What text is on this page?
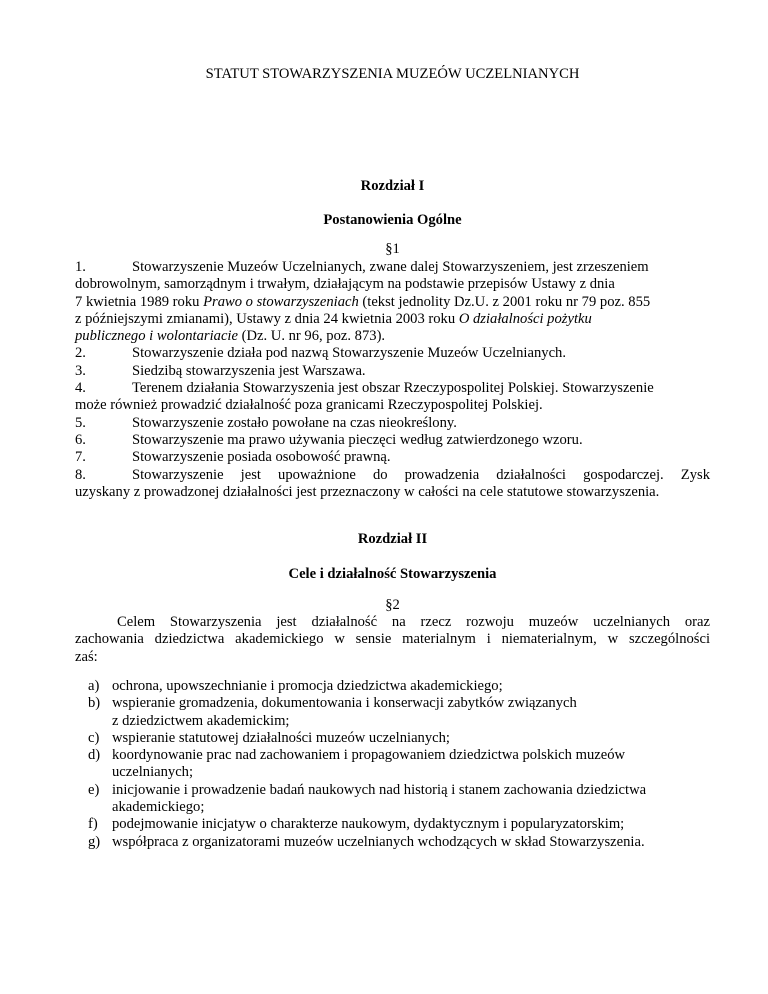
STATUT STOWARZYSZENIA MUZEÓW UCZELNIANYCH
Rozdział I
Postanowienia Ogólne
§1
1.	Stowarzyszenie Muzeów Uczelnianych, zwane dalej Stowarzyszeniem, jest zrzeszeniem
dobrowolnym, samorządnym i trwałym, działającym na podstawie przepisów Ustawy z dnia
7 kwietnia 1989 roku Prawo o stowarzyszeniach (tekst jednolity Dz.U. z 2001 roku nr 79 poz. 855
z późniejszymi zmianami), Ustawy z dnia 24 kwietnia 2003 roku O działalności pożytku
publicznego i wolontariacie (Dz. U. nr 96, poz. 873).
2.	Stowarzyszenie działa pod nazwą Stowarzyszenie Muzeów Uczelnianych.
3.	Siedzibą stowarzyszenia jest Warszawa.
4.	Terenem działania Stowarzyszenia jest obszar Rzeczypospolitej Polskiej. Stowarzyszenie
może również prowadzić działalność poza granicami Rzeczypospolitej Polskiej.
5.	Stowarzyszenie zostało powołane na czas nieokreślony.
6.	Stowarzyszenie ma prawo używania pieczęci według zatwierdzonego wzoru.
7.	Stowarzyszenie posiada osobowość prawną.
8.	Stowarzyszenie jest upoważnione do prowadzenia działalności gospodarczej. Zysk
uzyskany z prowadzonej działalności jest przeznaczony w całości na cele statutowe stowarzyszenia.
Rozdział II
Cele i działalność Stowarzyszenia
§2
Celem Stowarzyszenia jest działalność na rzecz rozwoju muzeów uczelnianych oraz
zachowania dziedzictwa akademickiego w sensie materialnym i niematerialnym, w szczególności
zaś:
a) ochrona, upowszechnianie i promocja dziedzictwa akademickiego;
b) wspieranie gromadzenia, dokumentowania i konserwacji zabytków związanych
z dziedzictwem akademickim;
c) wspieranie statutowej działalności muzeów uczelnianych;
d) koordynowanie prac nad zachowaniem i propagowaniem dziedzictwa polskich muzeów
uczelnianych;
e) inicjowanie i prowadzenie badań naukowych nad historią i stanem zachowania dziedzictwa
akademickiego;
f) podejmowanie inicjatyw o charakterze naukowym, dydaktycznym i popularyzatorskim;
g) współpraca z organizatorami muzeów uczelnianych wchodzących w skład Stowarzyszenia.
